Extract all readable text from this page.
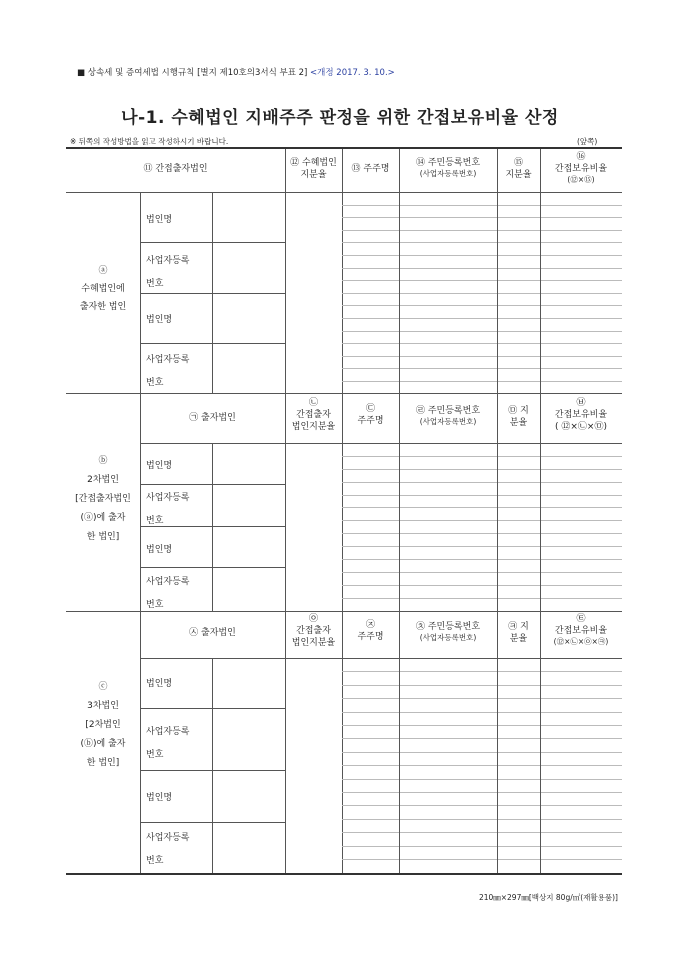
■ 상속세 및 증여세법 시행규칙 [별지 제10호의3서식 부표 2] <개정 2017. 3. 10.>
나-1. 수혜법인 지배주주 판정을 위한 간접보유비율 산정
※ 뒤쪽의 작성방법을 읽고 작성하시기 바랍니다.	(앞쪽)
⑪ 간접출자법인
⑫ 수혜법인
지분율
⑬ 주주명
⑭ 주민등록번호
(사업자등록번호)
⑮
지분율
⑯
간접보유비율
(⑫×⑮)
ⓐ
수혜법인에
출자한 법인
법인명
사업자등록
번호
법인명
사업자등록
번호
㉠ 출자법인
㉡
간접출자
법인지분율
㉢
주주명
㉣ 주민등록번호
(사업자등록번호)
㉤ 지
분율
㉥
간접보유비율
( ⑫×㉡×㉤)
ⓑ
2차법인
[간접출자법인
(ⓐ)에 출자
한 법인]
법인명
사업자등록
번호
법인명
사업자등록
번호
㉦ 출자법인
㉧
간접출자
법인지분율
㉨
주주명
㉩ 주민등록번호
(사업자등록번호)
㉪ 지
분율
㉫
간접보유비율
(⑫×㉡×㉧×㉪)
ⓒ
3차법인
[2차법인
(ⓑ)에 출자
한 법인]
법인명
사업자등록
번호
법인명
사업자등록
번호
210㎜×297㎜[백상지 80g/㎡(재활용품)]
